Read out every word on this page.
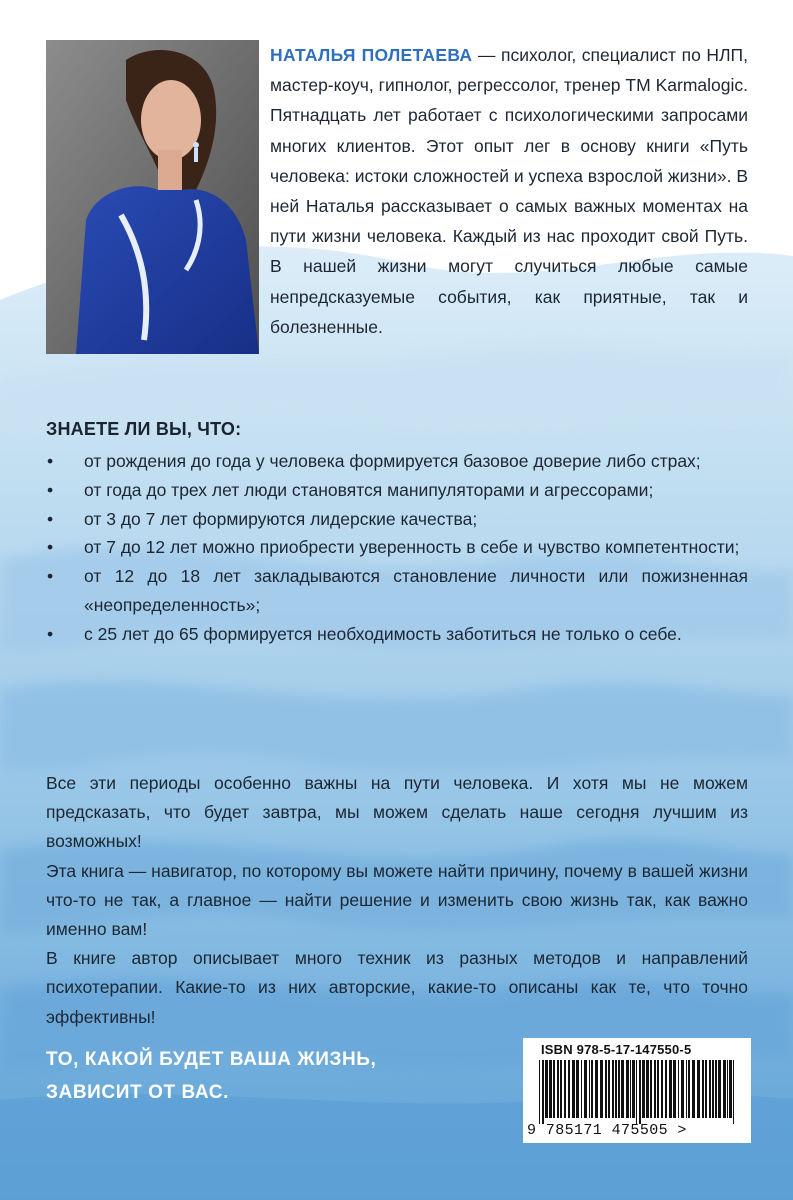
НАТАЛЬЯ ПОЛЕТАЕВА — психолог, специалист по НЛП, мастер-коуч, гипнолог, регрессолог, тренер ТМ Karmalogic. Пятнадцать лет работает с психологическими запросами многих клиентов. Этот опыт лег в основу книги «Путь человека: истоки сложностей и успеха взрослой жизни». В ней Наталья рассказывает о самых важных моментах на пути жизни человека. Каждый из нас проходит свой Путь. В нашей жизни могут случиться любые самые непредсказуемые события, как приятные, так и болезненные.
ЗНАЕТЕ ЛИ ВЫ, ЧТО:
• от рождения до года у человека формируется базовое доверие либо страх;
• от года до трех лет люди становятся манипуляторами и агрессорами;
• от 3 до 7 лет формируются лидерские качества;
• от 7 до 12 лет можно приобрести уверенность в себе и чувство компетентности;
• от 12 до 18 лет закладываются становление личности или пожизненная «неопределенность»;
• с 25 лет до 65 формируется необходимость заботиться не только о себе.

Все эти периоды особенно важны на пути человека. И хотя мы не можем предсказать, что будет завтра, мы можем сделать наше сегодня лучшим из возможных!

Эта книга — навигатор, по которому вы можете найти причину, почему в вашей жизни что-то не так, а главное — найти решение и изменить свою жизнь так, как важно именно вам!

В книге автор описывает много техник из разных методов и направлений психотерапии. Какие-то из них авторские, какие-то описаны как те, что точно эффективны!

ТО, КАКОЙ БУДЕТ ВАША ЖИЗНЬ,
ЗАВИСИТ ОТ ВАС.
ISBN 978-5-17-147550-5
9 785171 475505 >
